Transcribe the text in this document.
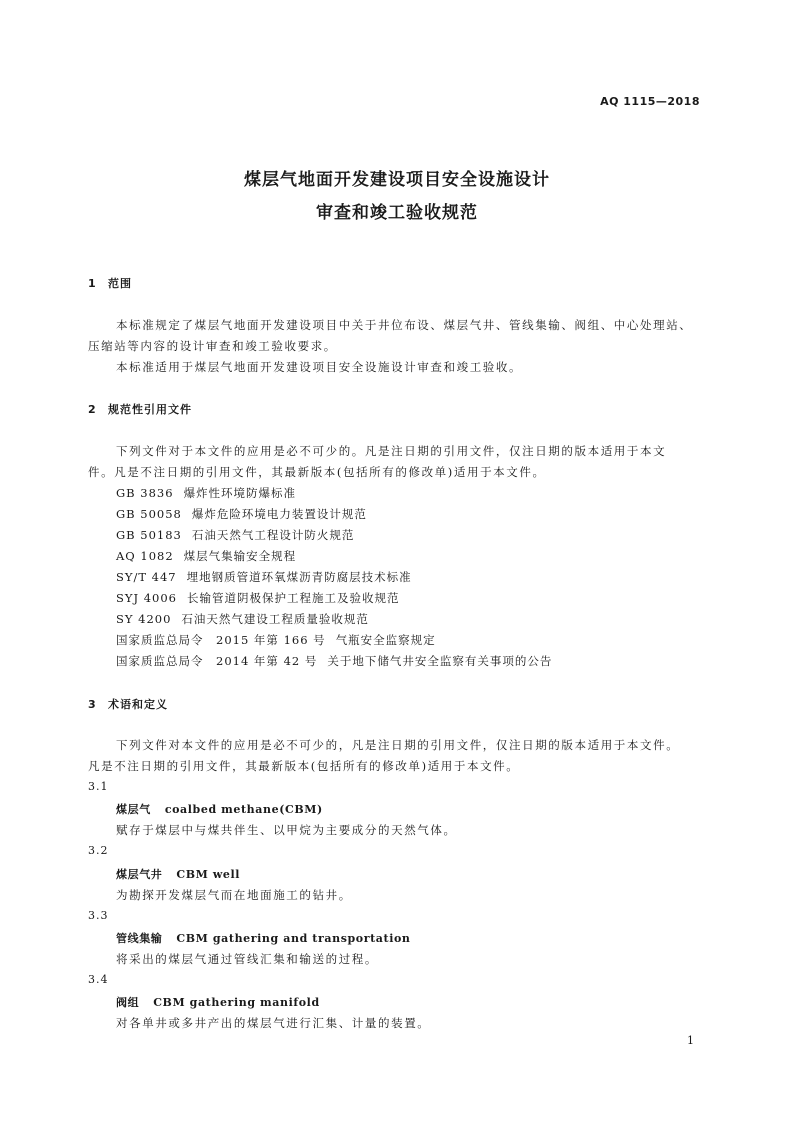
AQ 1115—2018
煤层气地面开发建设项目安全设施设计
审查和竣工验收规范
1 范围
本标准规定了煤层气地面开发建设项目中关于井位布设、煤层气井、管线集输、阀组、中心处理站、
压缩站等内容的设计审查和竣工验收要求。
本标准适用于煤层气地面开发建设项目安全设施设计审查和竣工验收。
2 规范性引用文件
下列文件对于本文件的应用是必不可少的。凡是注日期的引用文件，仅注日期的版本适用于本文
件。凡是不注日期的引用文件，其最新版本(包括所有的修改单)适用于本文件。
GB 3836 爆炸性环境防爆标准
GB 50058 爆炸危险环境电力装置设计规范
GB 50183 石油天然气工程设计防火规范
AQ 1082 煤层气集输安全规程
SY/T 447 埋地钢质管道环氧煤沥青防腐层技术标准
SYJ 4006 长输管道阴极保护工程施工及验收规范
SY 4200 石油天然气建设工程质量验收规范
国家质监总局令　2015 年第 166 号 气瓶安全监察规定
国家质监总局令　2014 年第 42 号 关于地下储气井安全监察有关事项的公告
3 术语和定义
下列文件对本文件的应用是必不可少的，凡是注日期的引用文件，仅注日期的版本适用于本文件。
凡是不注日期的引用文件，其最新版本(包括所有的修改单)适用于本文件。
3.1
煤层气 coalbed methane(CBM)
赋存于煤层中与煤共伴生、以甲烷为主要成分的天然气体。
3.2
煤层气井 CBM well
为勘探开发煤层气而在地面施工的钻井。
3.3
管线集输 CBM gathering and transportation
将采出的煤层气通过管线汇集和输送的过程。
3.4
阀组 CBM gathering manifold
对各单井或多井产出的煤层气进行汇集、计量的装置。
1
